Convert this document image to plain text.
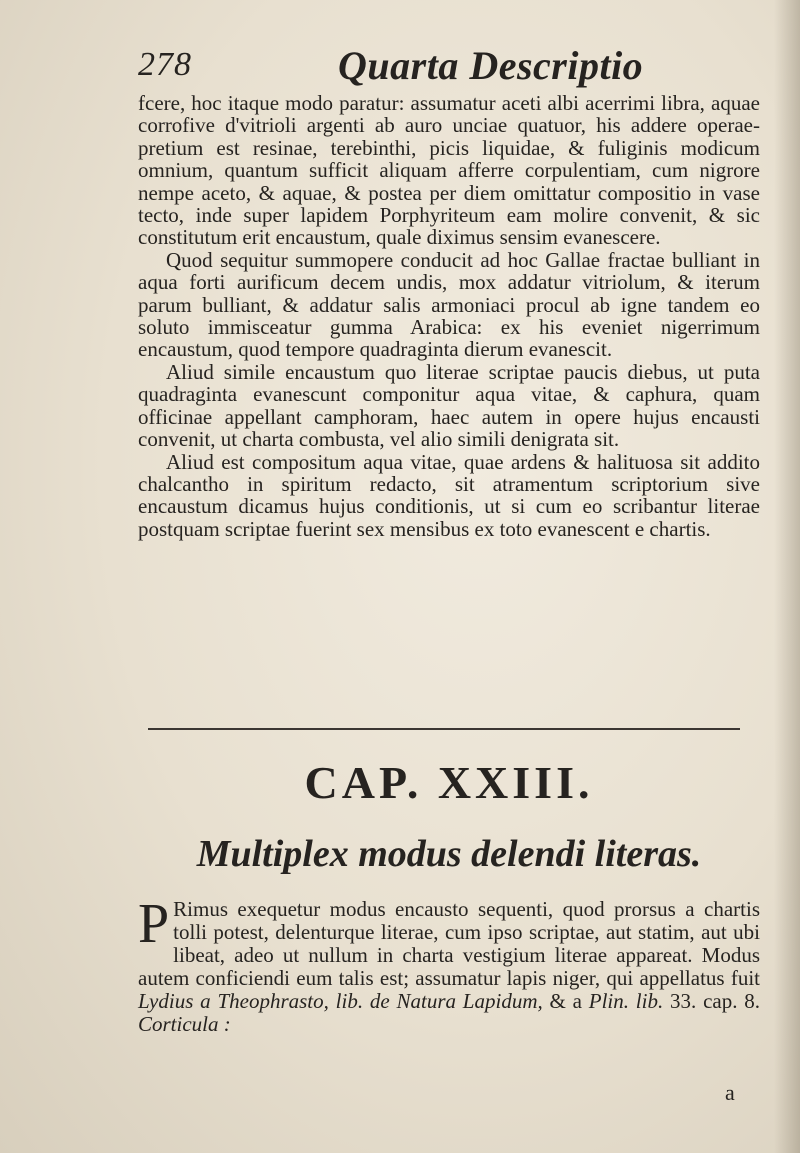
278	Quarta Descriptio

fcere, hoc itaque modo paratur: assumatur aceti albi acerrimi libra, aquae corrofive d'vitrioli argenti ab auro unciae quatuor, his addere operae-pretium est resinae, terebinthi, picis liquidae, & fuliginis modicum omnium, quantum sufficit aliquam afferre corpulentiam, cum nigrore nempe aceto, & aquae, & postea per diem omittatur compositio in vase tecto, inde super lapidem Porphyriteum eam molire convenit, & sic constitutum erit encaustum, quale diximus sensim evanescere.

Quod sequitur summopere conducit ad hoc Gallae fractae bulliant in aqua forti aurificum decem undis, mox addatur vitriolum, & iterum parum bulliant, & addatur salis armoniaci procul ab igne tandem eo soluto immisceatur gumma Arabica: ex his eveniet nigerrimum encaustum, quod tempore quadraginta dierum evanescit.

Aliud simile encaustum quo literae scriptae paucis diebus, ut puta quadraginta evanescunt componitur aqua vitae, & caphura, quam officinae appellant camphoram, haec autem in opere hujus encausti convenit, ut charta combusta, vel alio simili denigrata sit.

Aliud est compositum aqua vitae, quae ardens & halituosa sit addito chalcantho in spiritum redacto, sit atramentum scriptorium sive encaustum dicamus hujus conditionis, ut si cum eo scribantur literae postquam scriptae fuerint sex mensibus ex toto evanescent e chartis.

CAP. XXIII.
Multiplex modus delendi literas.

P Rimus exequetur modus encausto sequenti, quod prorsus a chartis tolli potest, delenturque literae, cum ipso scriptae, aut statim, aut ubi libeat, adeo ut nullum in charta vestigium literae appareat. Modus autem conficiendi eum talis est; assumatur lapis niger, qui appellatus fuit Lydius a Theophrasto, lib. de Natura Lapidum, & a Plin. lib. 33. cap. 8. Corticula :

a
